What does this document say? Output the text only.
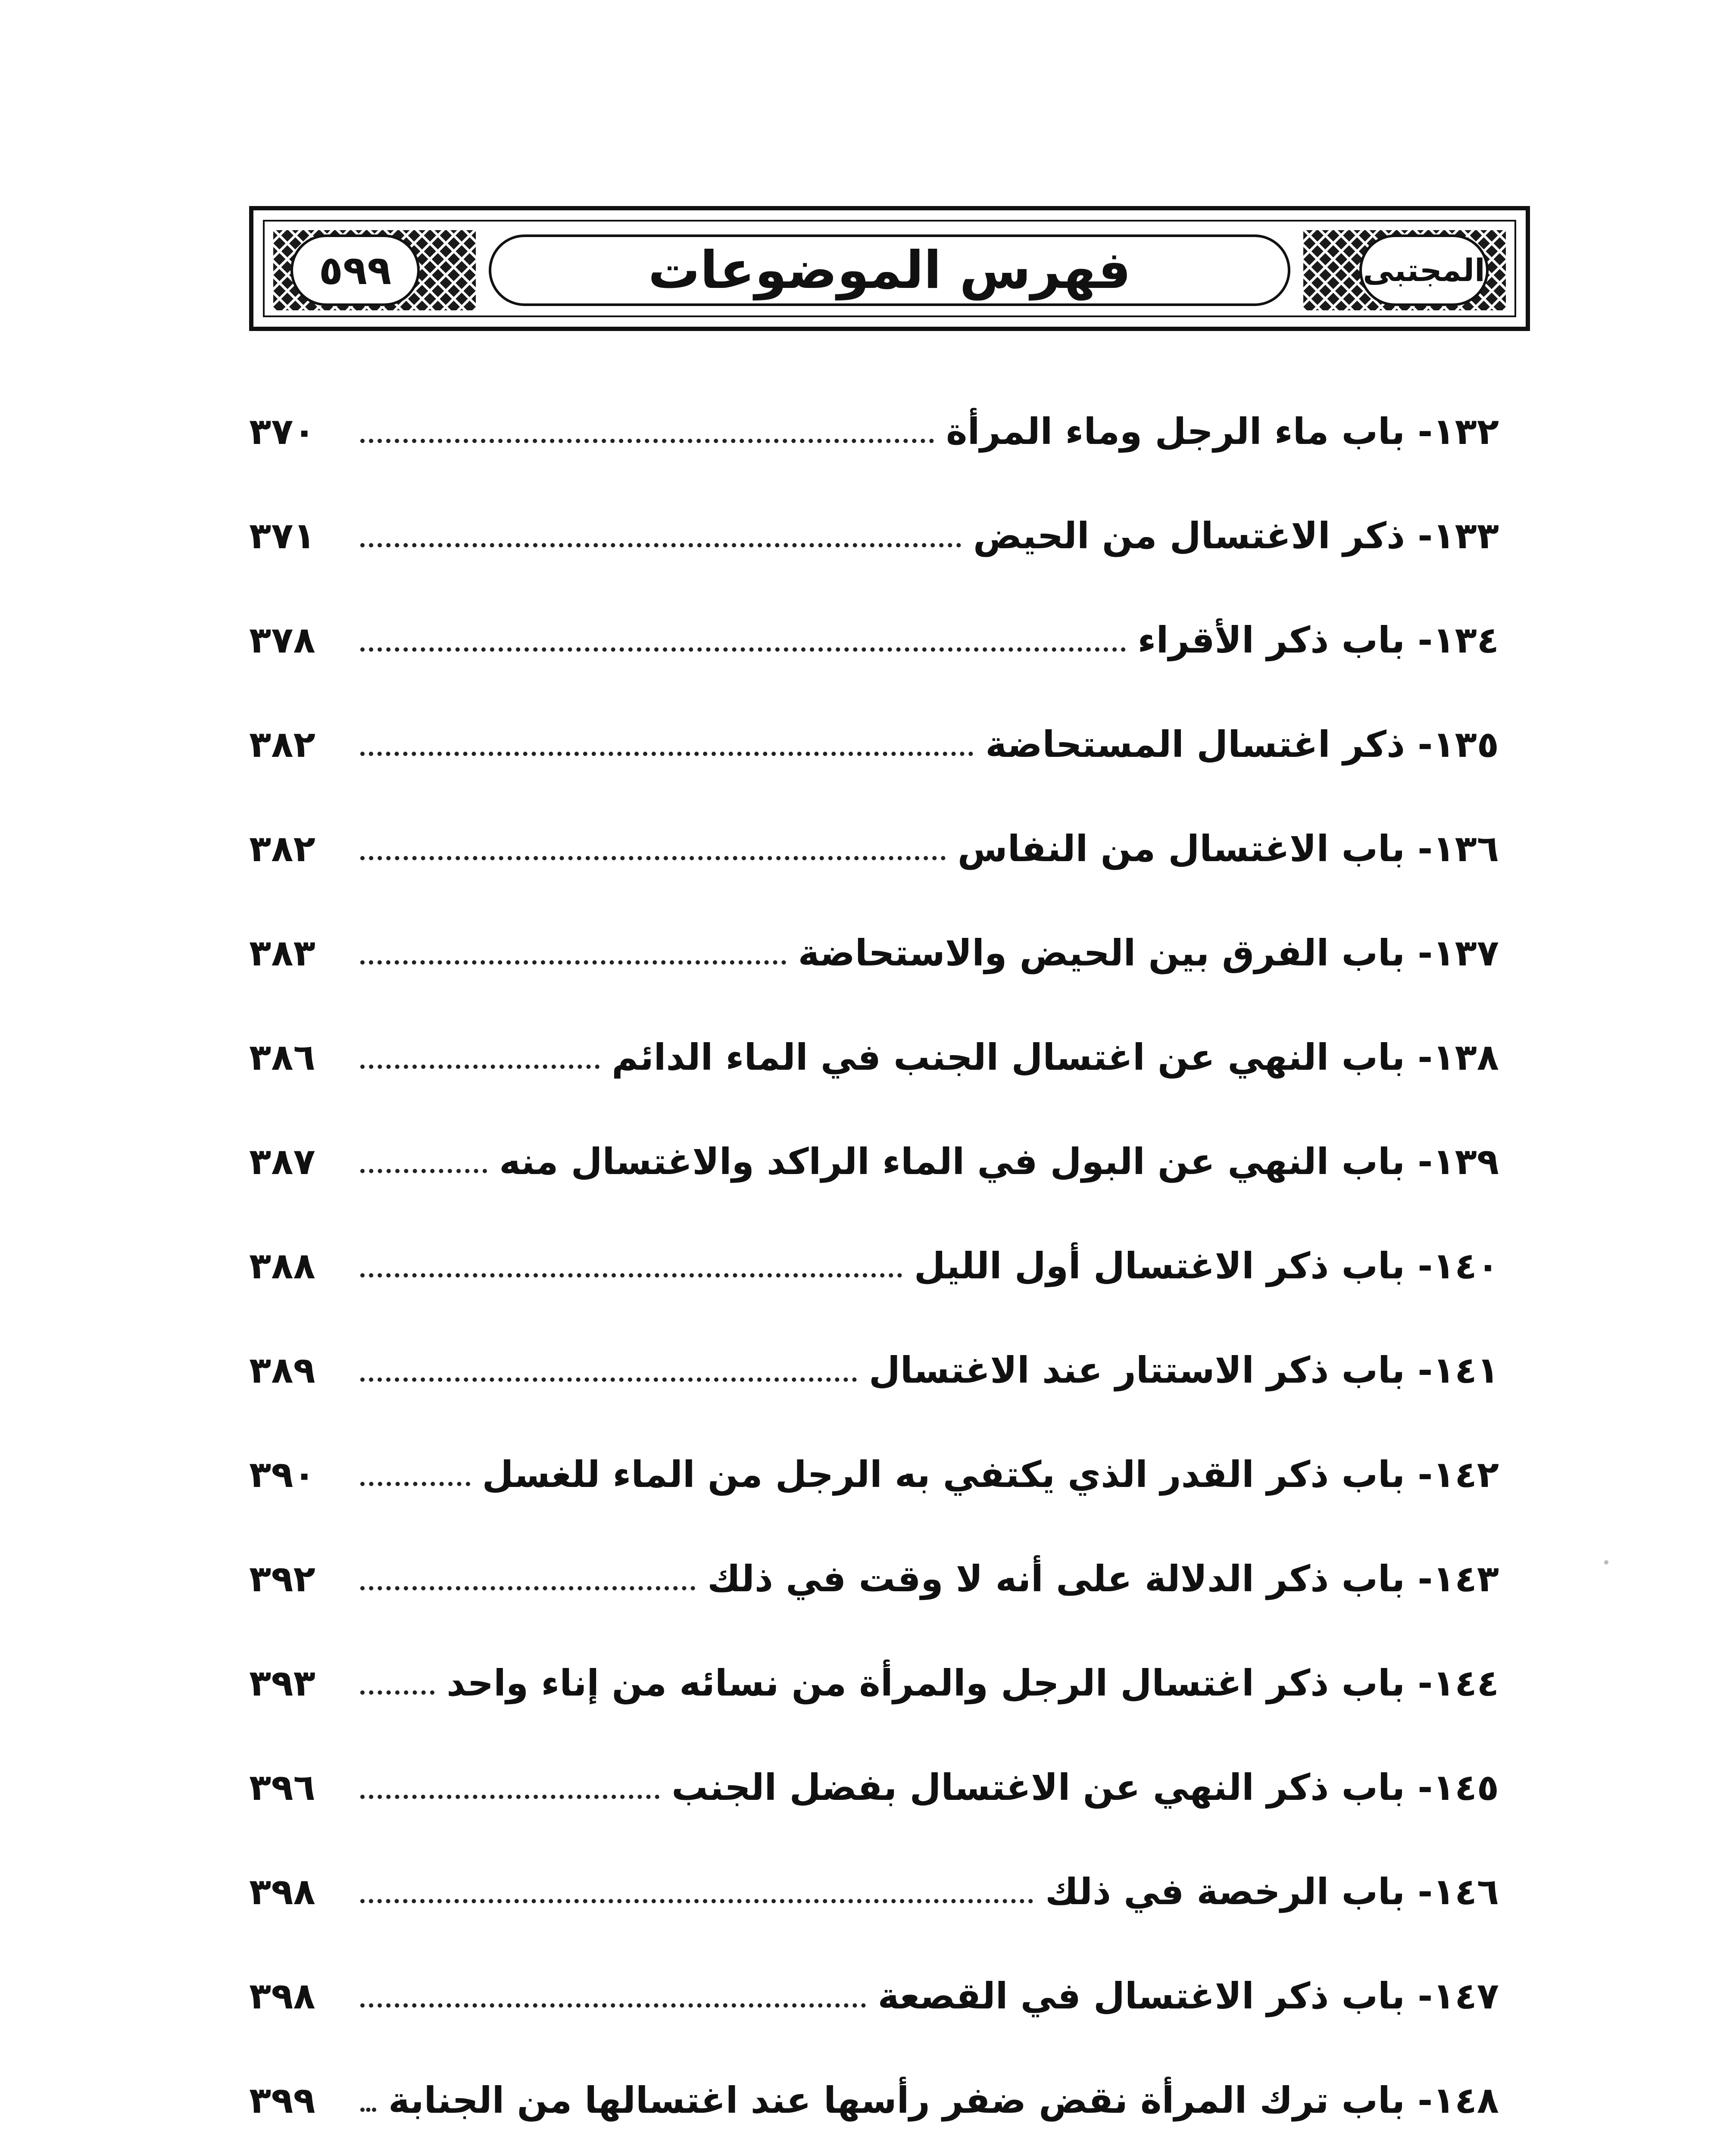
٥٩٩	فهرس الموضوعات	المجتبى
١٣٢- باب ماء الرجل وماء المرأة
٣٧٠
١٣٣- ذكر الاغتسال من الحيض
٣٧١
١٣٤- باب ذكر الأقراء
٣٧٨
١٣٥- ذكر اغتسال المستحاضة
٣٨٢
١٣٦- باب الاغتسال من النفاس
٣٨٢
١٣٧- باب الفرق بين الحيض والاستحاضة
٣٨٣
١٣٨- باب النهي عن اغتسال الجنب في الماء الدائم
٣٨٦
١٣٩- باب النهي عن البول في الماء الراكد والاغتسال منه
٣٨٧
١٤٠- باب ذكر الاغتسال أول الليل
٣٨٨
١٤١- باب ذكر الاستتار عند الاغتسال
٣٨٩
١٤٢- باب ذكر القدر الذي يكتفي به الرجل من الماء للغسل
٣٩٠
١٤٣- باب ذكر الدلالة على أنه لا وقت في ذلك
٣٩٢
١٤٤- باب ذكر اغتسال الرجل والمرأة من نسائه من إناء واحد
٣٩٣
١٤٥- باب ذكر النهي عن الاغتسال بفضل الجنب
٣٩٦
١٤٦- باب الرخصة في ذلك
٣٩٨
١٤٧- باب ذكر الاغتسال في القصعة
٣٩٨
١٤٨- باب ترك المرأة نقض ضفر رأسها عند اغتسالها من الجنابة
٣٩٩
